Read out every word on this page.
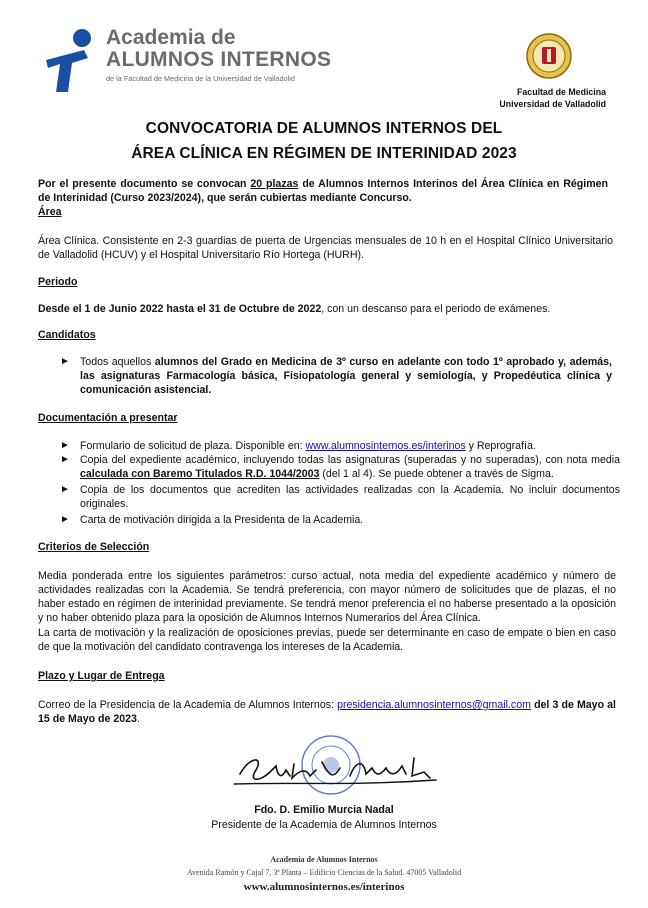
Academia de
ALUMNOS INTERNOS
de la Facultad de Medicina de la Universidad de Valladolid
Facultad de Medicina
Universidad de Valladolid
CONVOCATORIA DE ALUMNOS INTERNOS DEL
ÁREA CLÍNICA EN RÉGIMEN DE INTERINIDAD 2023
Por el presente documento se convocan 20 plazas de Alumnos Internos Interinos del Área Clínica en Régimen de Interinidad (Curso 2023/2024), que serán cubiertas mediante Concurso.
Área
Área Clínica. Consistente en 2-3 guardias de puerta de Urgencias mensuales de 10 h en el Hospital Clínico Universitario de Valladolid (HCUV) y el Hospital Universitario Río Hortega (HURH).
Periodo
Desde el 1 de Junio 2022 hasta el 31 de Octubre de 2022, con un descanso para el periodo de exámenes.
Candidatos
► Todos aquellos alumnos del Grado en Medicina de 3º curso en adelante con todo 1º aprobado y, además, las asignaturas Farmacología básica, Fisiopatología general y semiología, y Propedéutica clínica y comunicación asistencial.
Documentación a presentar
► Formulario de solicitud de plaza. Disponible en: www.alumnosinternos.es/interinos y Reprografía.
► Copia del expediente académico, incluyendo todas las asignaturas (superadas y no superadas), con nota media calculada con Baremo Titulados R.D. 1044/2003 (del 1 al 4). Se puede obtener a través de Sigma.
► Copia de los documentos que acrediten las actividades realizadas con la Academia. No incluir documentos originales.
► Carta de motivación dirigida a la Presidenta de la Academia.
Criterios de Selección
Media ponderada entre los siguientes parámetros: curso actual, nota media del expediente académico y número de actividades realizadas con la Academia. Se tendrá preferencia, con mayor número de solicitudes que de plazas, el no haber estado en régimen de interinidad previamente. Se tendrá menor preferencia el no haberse presentado a la oposición y no haber obtenido plaza para la oposición de Alumnos Internos Numerarios del Área Clínica.
La carta de motivación y la realización de oposiciones previas, puede ser determinante en caso de empate o bien en caso de que la motivación del candidato contravenga los intereses de la Academia.
Plazo y Lugar de Entrega
Correo de la Presidencia de la Academia de Alumnos Internos: presidencia.alumnosinternos@gmail.com del 3 de Mayo al 15 de Mayo de 2023.
Fdo. D. Emilio Murcia Nadal
Presidente de la Academia de Alumnos Internos
Academia de Alumnos Internos
Avenida Ramón y Cajal 7, 3ª Planta – Edificio Ciencias de la Salud. 47005 Valladolid
www.alumnosinternos.es/interinos
